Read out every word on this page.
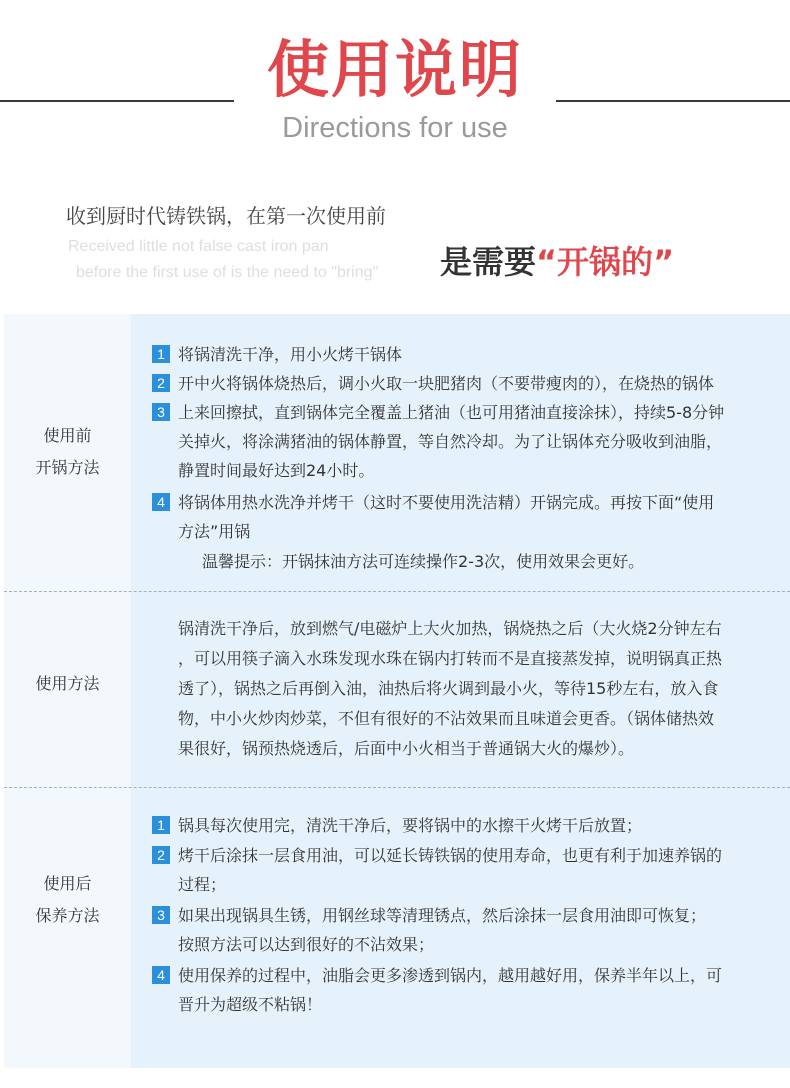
使用说明
Directions for use
收到厨时代铸铁锅，在第一次使用前
Received little not false cast iron pan
before the first use of is the need to "bring" 是需要“开锅的”
使用前
开锅方法
1 将锅清洗干净，用小火烤干锅体
2 开中火将锅体烧热后，调小火取一块肥猪肉（不要带瘦肉的），在烧热的锅体
3 上来回擦拭，直到锅体完全覆盖上猪油（也可用猪油直接涂抹），持续5-8分钟
关掉火，将涂满猪油的锅体静置，等自然冷却。为了让锅体充分吸收到油脂，
静置时间最好达到24小时。
4 将锅体用热水洗净并烤干（这时不要使用洗洁精）开锅完成。再按下面“使用
方法”用锅
温馨提示：开锅抹油方法可连续操作2-3次，使用效果会更好。
使用方法
锅清洗干净后，放到燃气/电磁炉上大火加热，锅烧热之后（大火烧2分钟左右
，可以用筷子滴入水珠发现水珠在锅内打转而不是直接蒸发掉，说明锅真正热
透了），锅热之后再倒入油，油热后将火调到最小火，等待15秒左右，放入食
物，中小火炒肉炒菜，不但有很好的不沾效果而且味道会更香。（锅体储热效
果很好，锅预热烧透后，后面中小火相当于普通锅大火的爆炒）。
使用后
保养方法
1 锅具每次使用完，清洗干净后，要将锅中的水擦干火烤干后放置；
2 烤干后涂抹一层食用油，可以延长铸铁锅的使用寿命，也更有利于加速养锅的
过程；
3 如果出现锅具生锈，用钢丝球等清理锈点，然后涂抹一层食用油即可恢复；
按照方法可以达到很好的不沾效果；
4 使用保养的过程中，油脂会更多渗透到锅内，越用越好用，保养半年以上，可
晋升为超级不粘锅！
